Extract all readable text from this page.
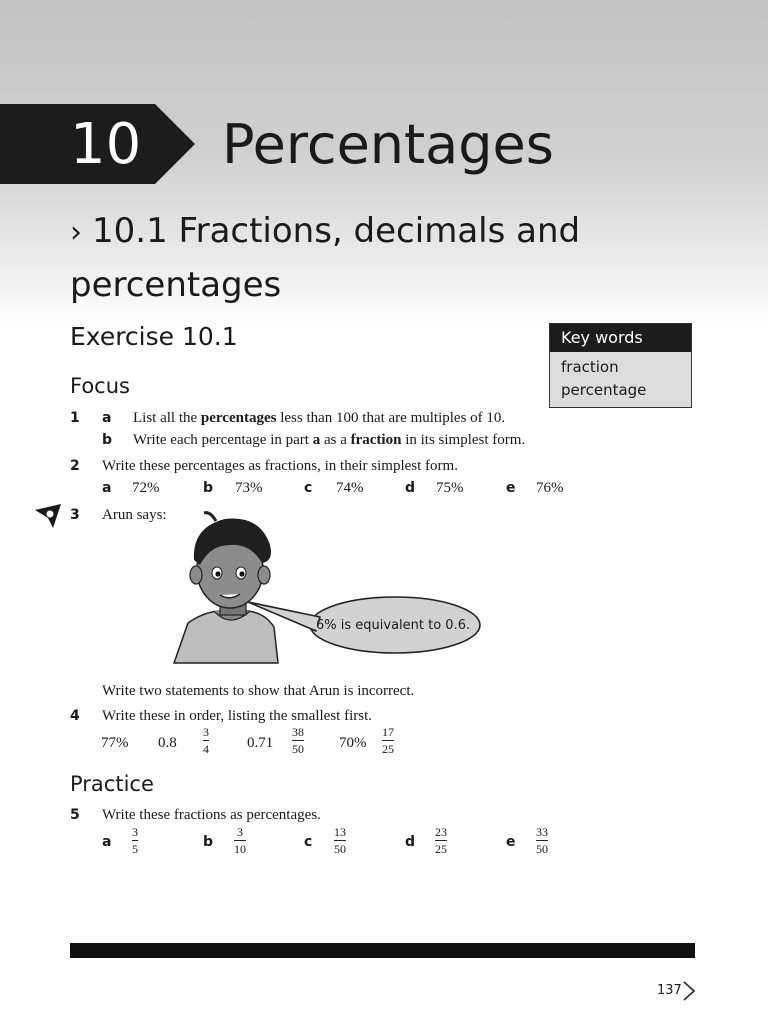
10 Percentages
› 10.1 Fractions, decimals and percentages
Exercise 10.1	Key words
fraction
percentage
Focus
1 a List all the percentages less than 100 that are multiples of 10.
b Write each percentage in part a as a fraction in its simplest form.
2 Write these percentages as fractions, in their simplest form.
a 72%	b 73%	c 74%	d 75%	e 76%
3 Arun says:
6% is equivalent to 0.6.
Write two statements to show that Arun is incorrect.
4 Write these in order, listing the smallest first.
77% 0.8
3
4	0.71
38
50 70%
17
25
Practice
5 Write these fractions as percentages.
a
3
5	b
3
10	c
13
50	d
23
25	e
33
50
137
